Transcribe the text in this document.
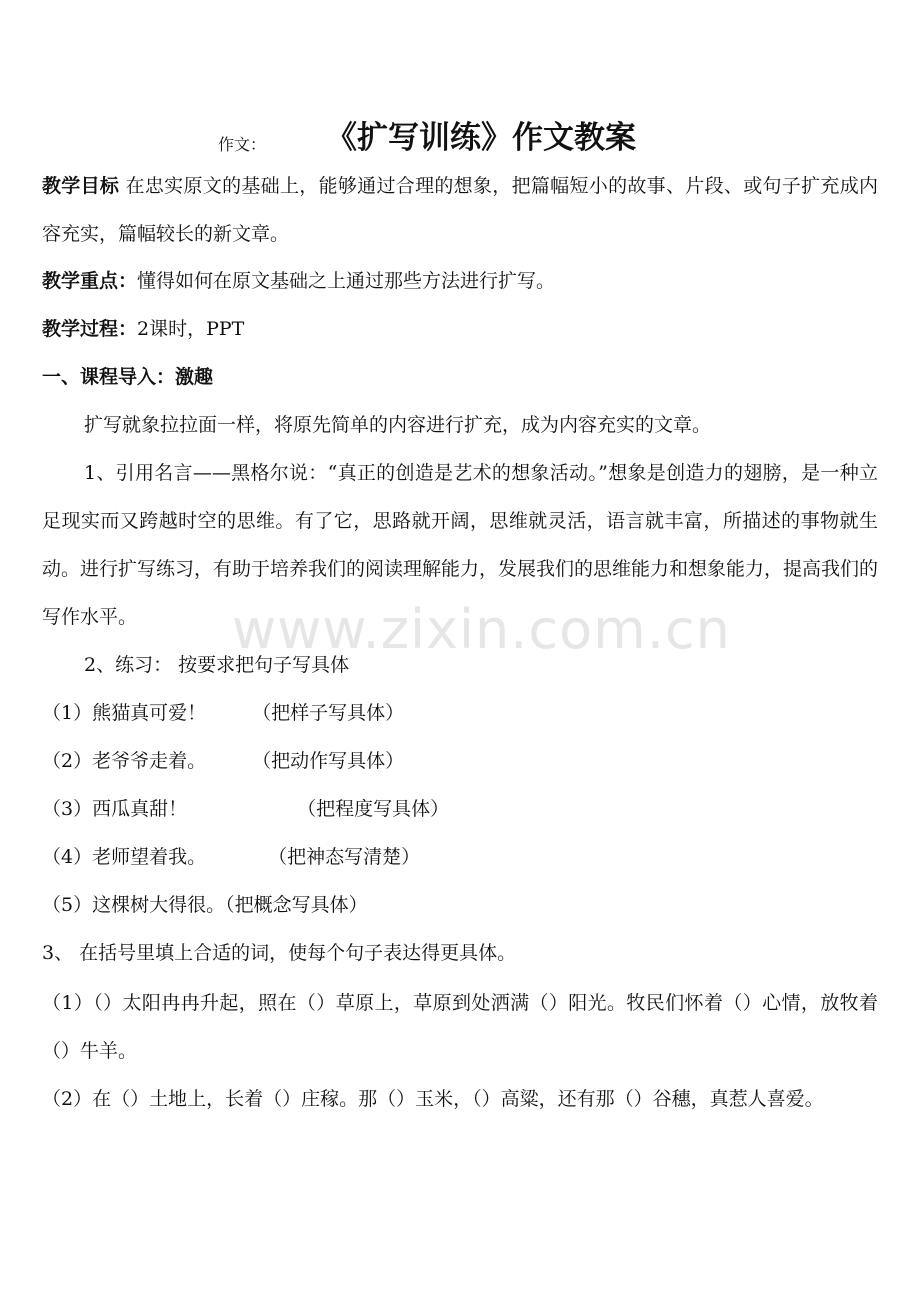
www.zixin.com.cn
作文： 《扩写训练》作文教案
教学目标 在忠实原文的基础上，能够通过合理的想象，把篇幅短小的故事、片段、或句子扩充成内容充实，篇幅较长的新文章。
教学重点：懂得如何在原文基础之上通过那些方法进行扩写。
教学过程：2课时，PPT
一、课程导入：激趣
扩写就象拉拉面一样，将原先简单的内容进行扩充，成为内容充实的文章。
1、引用名言——黑格尔说：“真正的创造是艺术的想象活动。”想象是创造力的翅膀，是一种立足现实而又跨越时空的思维。有了它，思路就开阔，思维就灵活，语言就丰富，所描述的事物就生动。进行扩写练习，有助于培养我们的阅读理解能力，发展我们的思维能力和想象能力，提高我们的写作水平。
2、练习： 按要求把句子写具体
（1）熊猫真可爱！ （把样子写具体）
（2）老爷爷走着。 （把动作写具体）
（3）西瓜真甜！	（把程度写具体）
（4）老师望着我。	（把神态写清楚）
（5）这棵树大得很。（把概念写具体）
3、 在括号里填上合适的词，使每个句子表达得更具体。
（1）（）太阳冉冉升起，照在（）草原上，草原到处洒满（）阳光。牧民们怀着（）心情，放牧着（）牛羊。
（2）在（）土地上，长着（）庄稼。那（）玉米，（）高粱，还有那（）谷穗，真惹人喜爱。
